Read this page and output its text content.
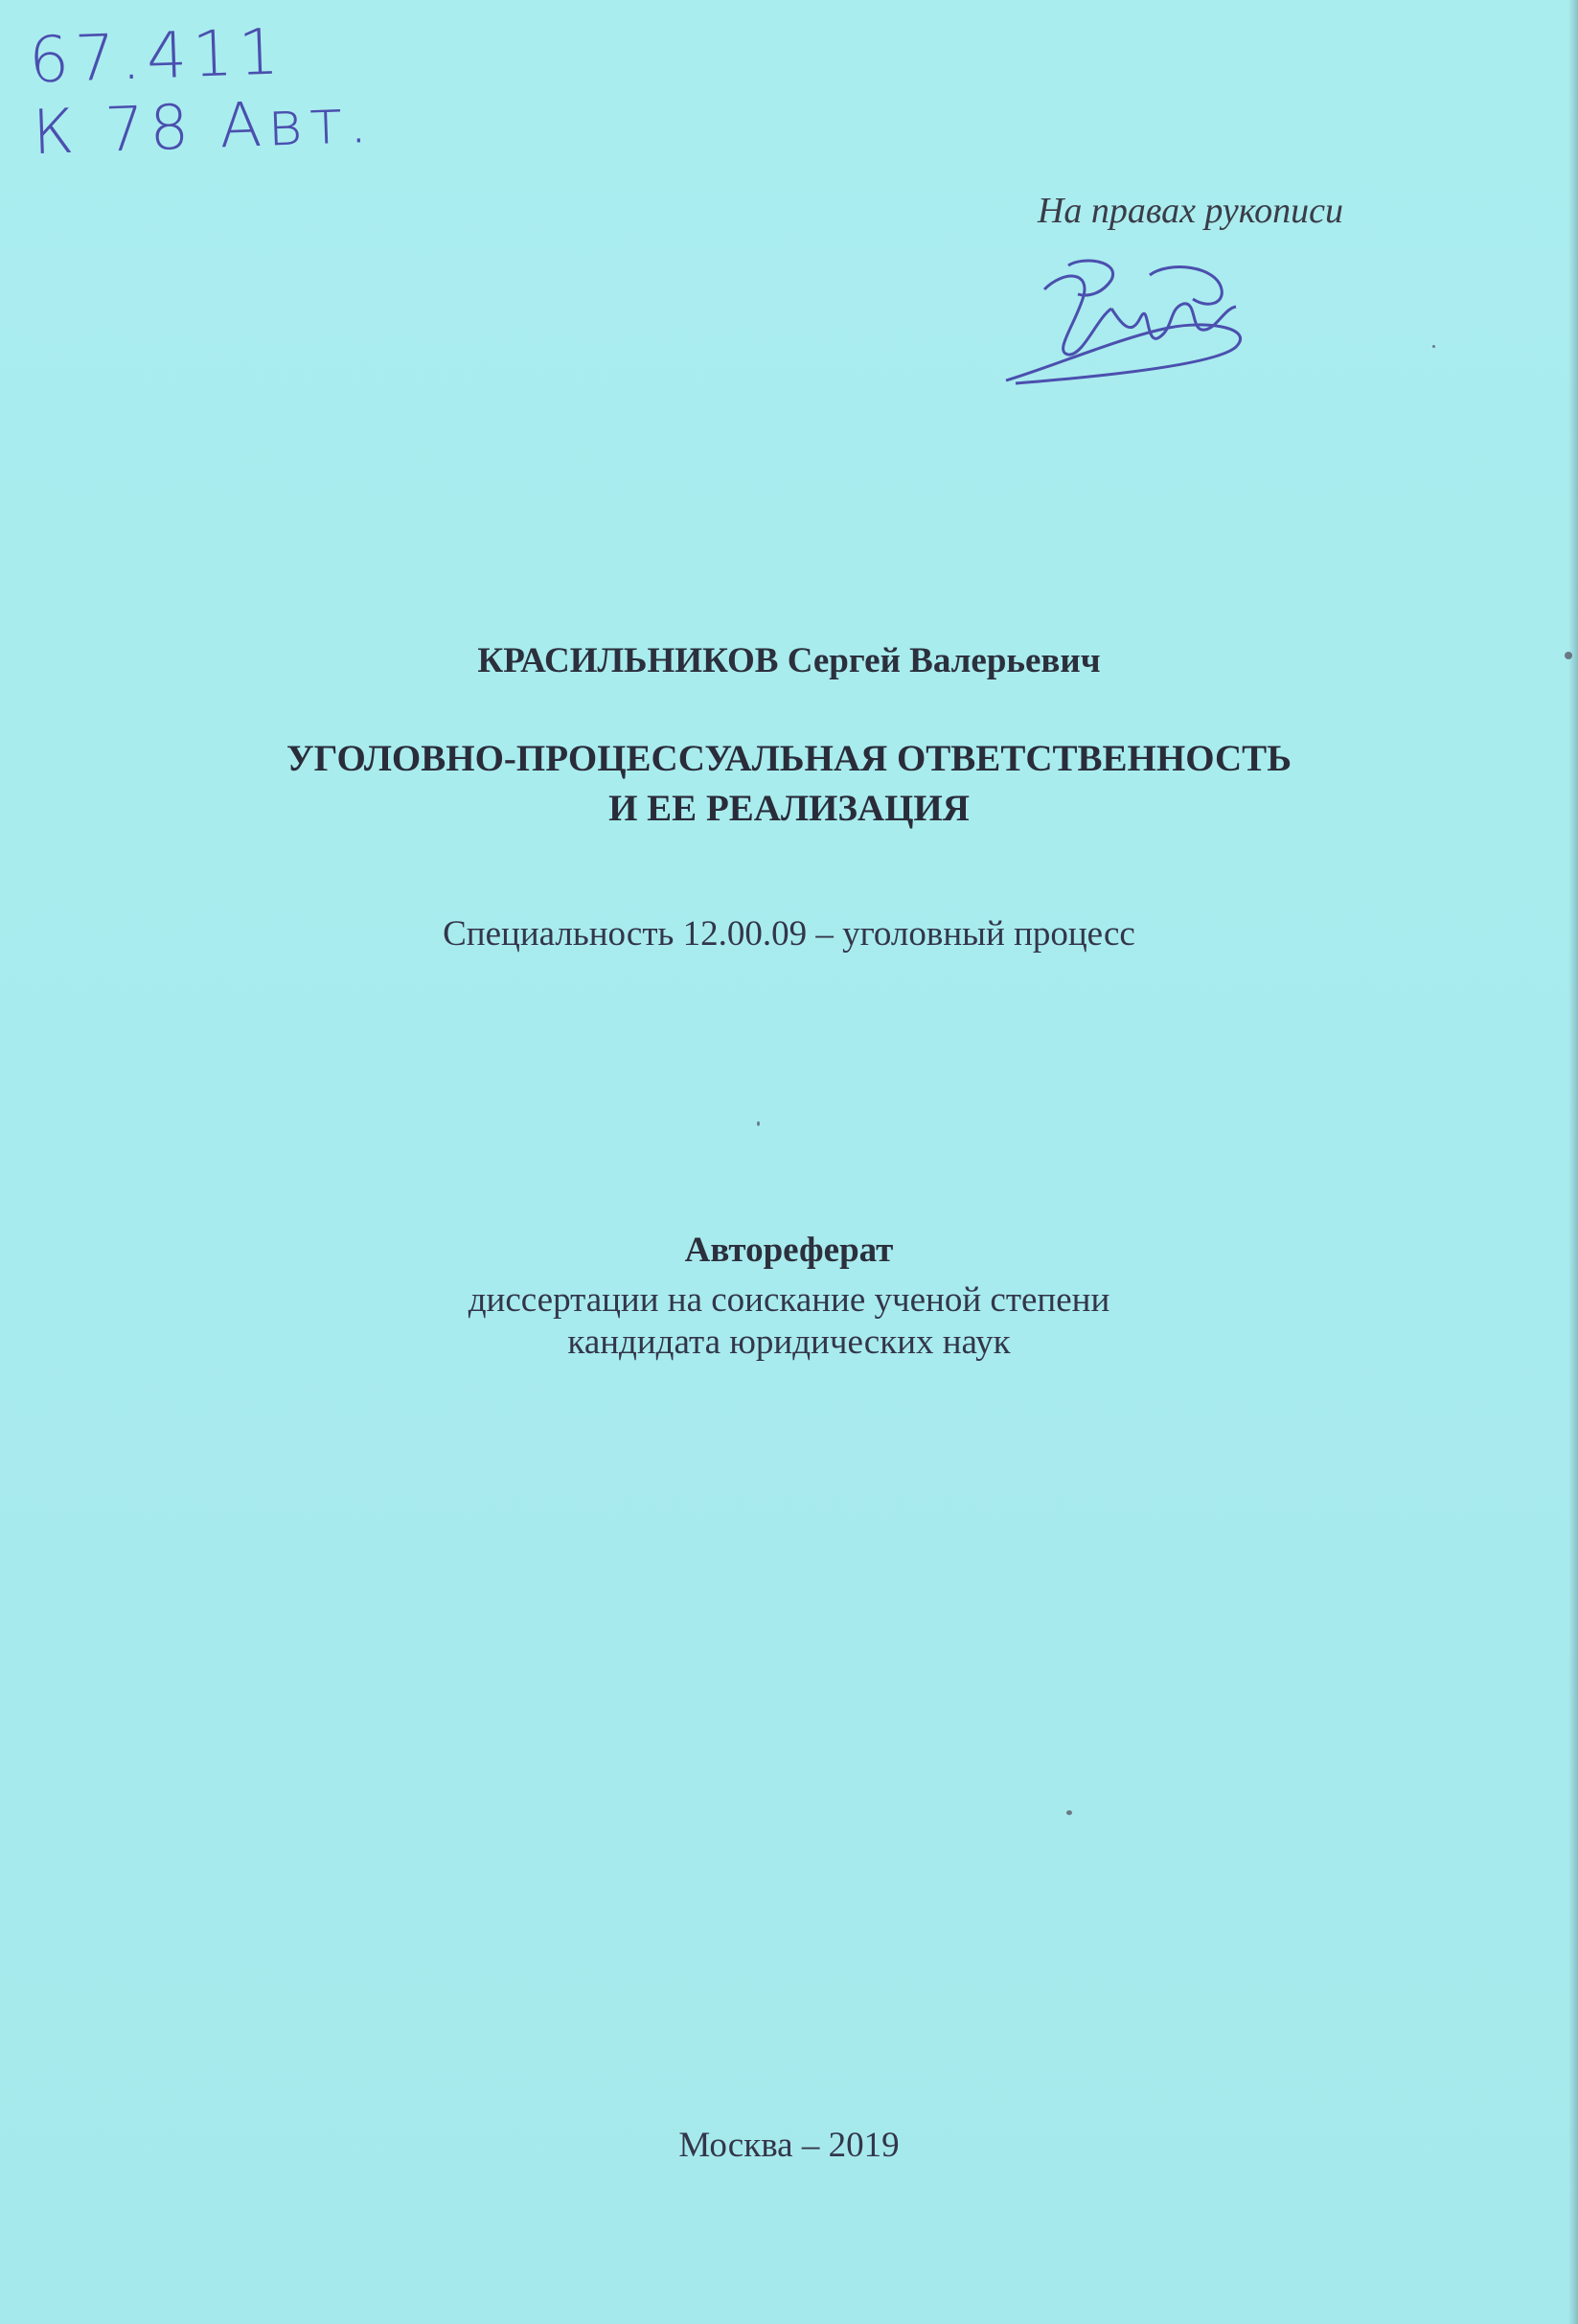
67.411
К 78 Авт.
На правах рукописи
КРАСИЛЬНИКОВ Сергей Валерьевич
УГОЛОВНО-ПРОЦЕССУАЛЬНАЯ ОТВЕТСТВЕННОСТЬ
И ЕЕ РЕАЛИЗАЦИЯ
Специальность 12.00.09 – уголовный процесс
Автореферат
диссертации на соискание ученой степени
кандидата юридических наук
Москва – 2019
